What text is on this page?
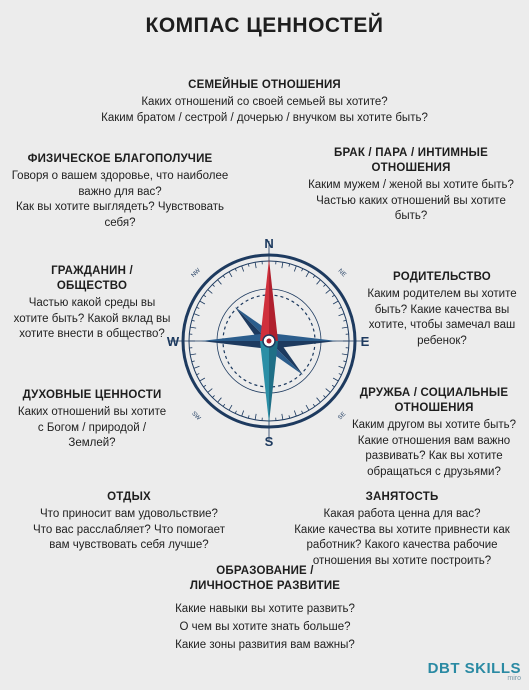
КОМПАС ЦЕННОСТЕЙ
СЕМЕЙНЫЕ ОТНОШЕНИЯ

Каких отношений со своей семьей вы хотите?
Каким братом / сестрой / дочерью / внучком вы хотите быть?

ФИЗИЧЕСКОЕ БЛАГОПОЛУЧИЕ

Говоря о вашем здоровье, что наиболее
важно для вас?
Как вы хотите выглядеть? Чувствовать
себя?

БРАК / ПАРА / ИНТИМНЫЕ
ОТНОШЕНИЯ

Каким мужем / женой вы хотите быть?
Частью каких отношений вы хотите
быть?

ГРАЖДАНИН /
ОБЩЕСТВО

Частью какой среды вы
хотите быть? Какой вклад вы
хотите внести в общество?

РОДИТЕЛЬСТВО

Каким родителем вы хотите
быть? Какие качества вы
хотите, чтобы замечал ваш
ребенок?

ДУХОВНЫЕ ЦЕННОСТИ

Каких отношений вы хотите
с Богом / природой /
Землей?

ДРУЖБА / СОЦИАЛЬНЫЕ
ОТНОШЕНИЯ

Каким другом вы хотите быть?
Какие отношения вам важно
развивать? Как вы хотите
обращаться с друзьями?

ОТДЫХ

Что приносит вам удовольствие?
Что вас расслабляет? Что помогает
вам чувствовать себя лучше?

ЗАНЯТОСТЬ

Какая работа ценна для вас?
Какие качества вы хотите привнести как
работник? Какого качества рабочие
отношения вы хотите построить?

ОБРАЗОВАНИЕ /
ЛИЧНОСТНОЕ РАЗВИТИЕ

Какие навыки вы хотите развить?
О чем вы хотите знать больше?
Какие зоны развития вам важны?

N
S
E
W
NW	NE
SE
SW
DBT SKILLS
miro
